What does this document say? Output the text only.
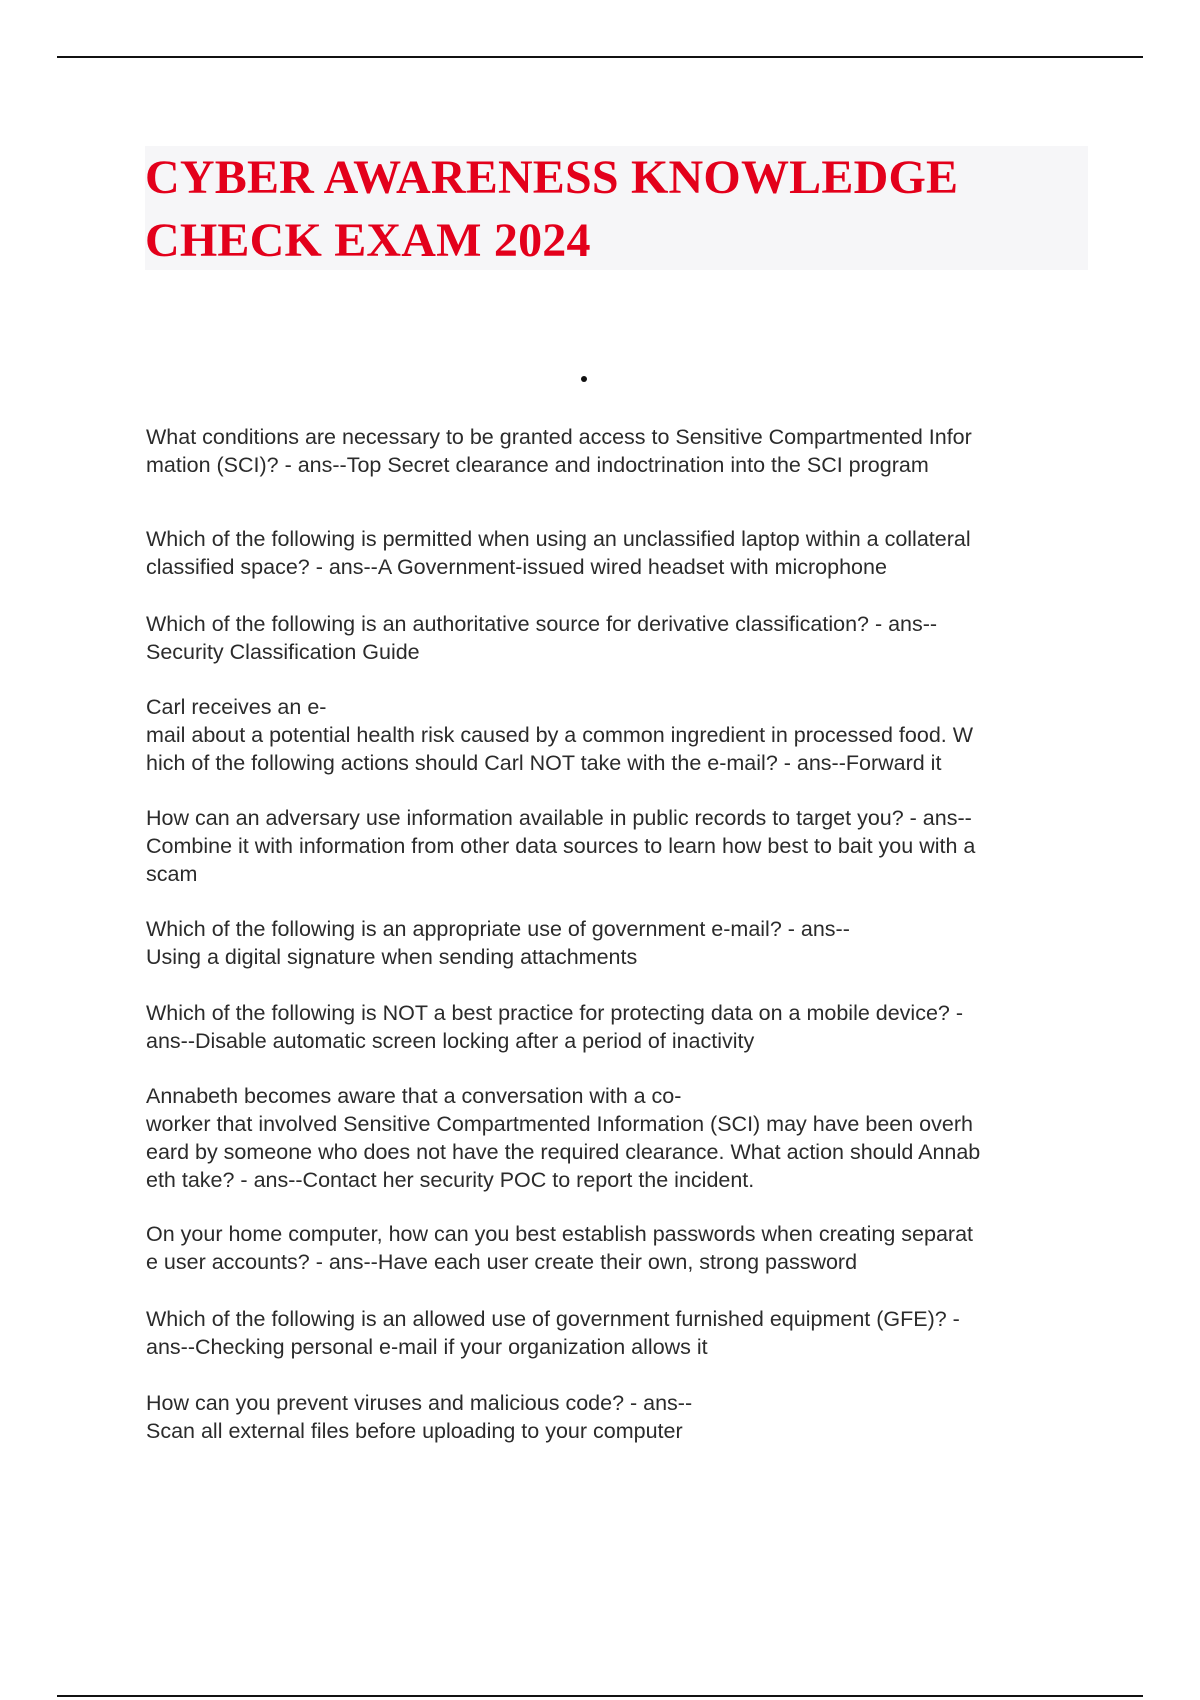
CYBER AWARENESS KNOWLEDGE
CHECK EXAM 2024

What conditions are necessary to be granted access to Sensitive Compartmented Infor
mation (SCI)? - ans--Top Secret clearance and indoctrination into the SCI program

Which of the following is permitted when using an unclassified laptop within a collateral
classified space? - ans--A Government-issued wired headset with microphone

Which of the following is an authoritative source for derivative classification? - ans--
Security Classification Guide

Carl receives an e-
mail about a potential health risk caused by a common ingredient in processed food. W
hich of the following actions should Carl NOT take with the e-mail? - ans--Forward it

How can an adversary use information available in public records to target you? - ans--
Combine it with information from other data sources to learn how best to bait you with a
scam

Which of the following is an appropriate use of government e-mail? - ans--
Using a digital signature when sending attachments

Which of the following is NOT a best practice for protecting data on a mobile device? -
ans--Disable automatic screen locking after a period of inactivity

Annabeth becomes aware that a conversation with a co-
worker that involved Sensitive Compartmented Information (SCI) may have been overh
eard by someone who does not have the required clearance. What action should Annab
eth take? - ans--Contact her security POC to report the incident.

On your home computer, how can you best establish passwords when creating separat
e user accounts? - ans--Have each user create their own, strong password

Which of the following is an allowed use of government furnished equipment (GFE)? -
ans--Checking personal e-mail if your organization allows it

How can you prevent viruses and malicious code? - ans--
Scan all external files before uploading to your computer
